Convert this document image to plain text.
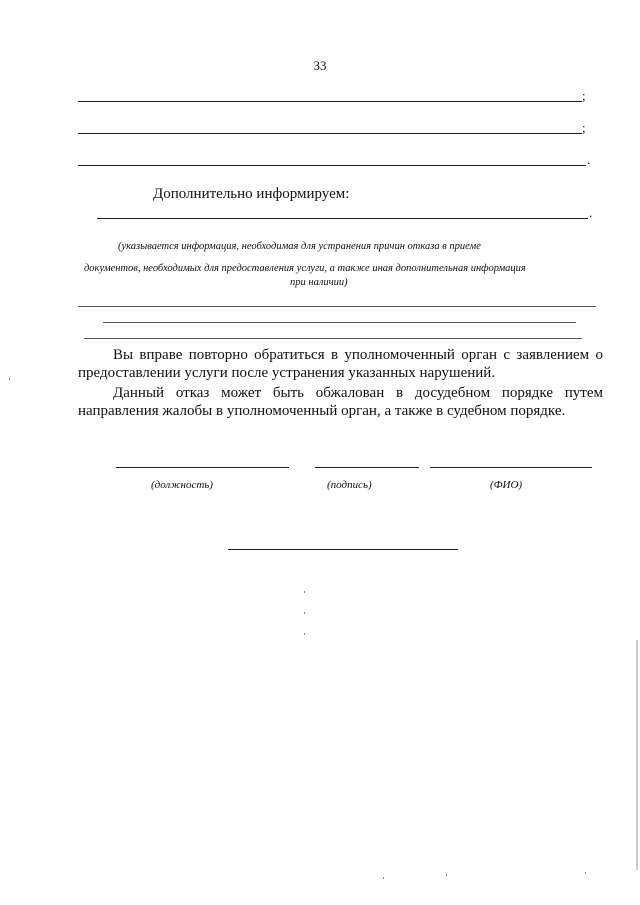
33
;
;
.
Дополнительно информируем:
.
(указывается информация, необходимая для устранения причин отказа в приеме
документов, необходимых для предоставления услуги, а также иная дополнительная информация
при наличии)
Вы вправе повторно обратиться в уполномоченный орган с заявлением о
предоставлении услуги после устранения указанных нарушений.
Данный отказ может быть обжалован в досудебном порядке путем
направления жалобы в уполномоченный орган, а также в судебном порядке.
(должность)	(подпись)	(ФИО)
